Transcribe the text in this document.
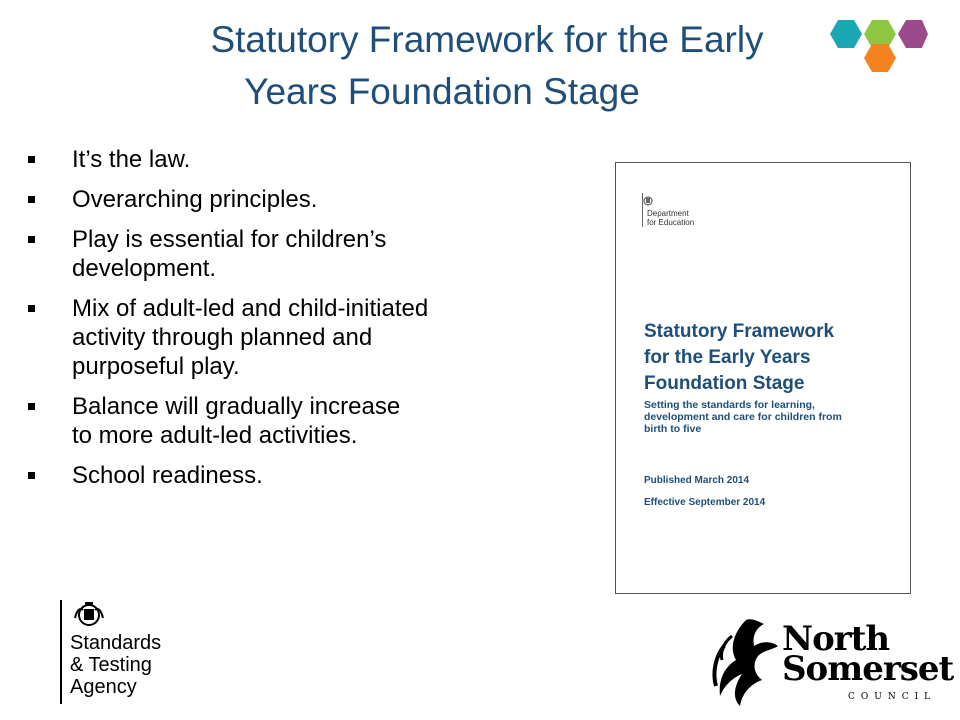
Statutory Framework for the Early
Years Foundation Stage
It’s the law.
Overarching principles.
Play is essential for children’s
development.
Mix of adult-led and child-initiated
activity through planned and
purposeful play.
Balance will gradually increase
to more adult-led activities.
School readiness.
Department
for Education
Statutory Framework
for the Early Years
Foundation Stage
Setting the standards for learning,
development and care for children from
birth to five
Published March 2014
Effective September 2014
Standards
& Testing
Agency
North
Somerset
COUNCIL
